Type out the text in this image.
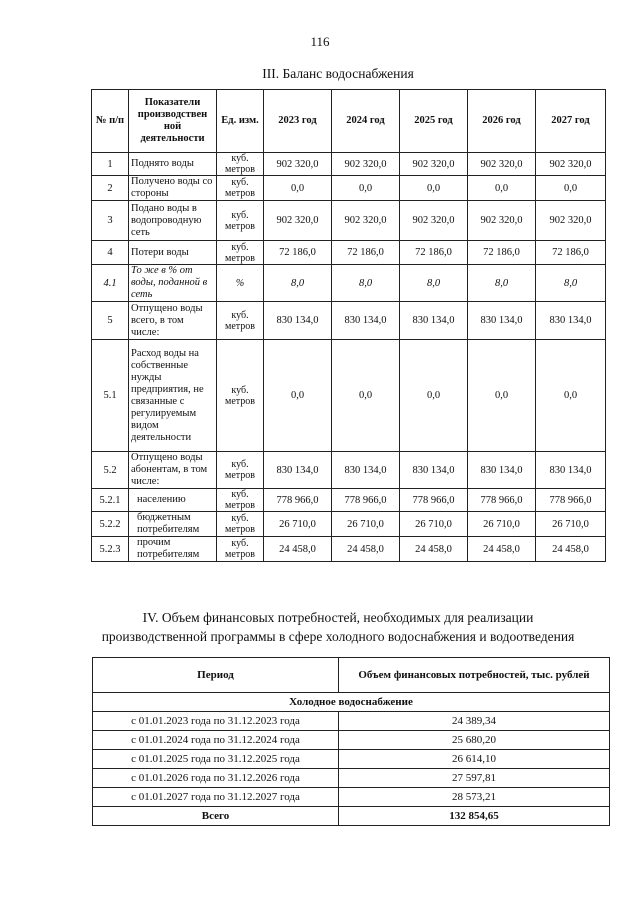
116
III. Баланс водоснабжения
№ п/п	Показатели производствен ной деятельности	Ед. изм.	2023 год	2024 год	2025 год	2026 год	2027 год
1	Поднято воды	куб. метров	902 320,0	902 320,0	902 320,0	902 320,0	902 320,0
2	Получено воды со стороны	куб. метров	0,0	0,0	0,0	0,0	0,0
3	Подано воды в водопроводную сеть	куб. метров	902 320,0	902 320,0	902 320,0	902 320,0	902 320,0
4	Потери воды	куб. метров	72 186,0	72 186,0	72 186,0	72 186,0	72 186,0
4.1	То же в % от воды, поданной в сеть	%	8,0	8,0	8,0	8,0	8,0
5	Отпущено воды всего, в том числе:	куб. метров	830 134,0	830 134,0	830 134,0	830 134,0	830 134,0
5.1	Расход воды на собственные нужды предприятия, не связанные с регулируемым видом деятельности	куб. метров	0,0	0,0	0,0	0,0	0,0
5.2	Отпущено воды абонентам, в том числе:	куб. метров	830 134,0	830 134,0	830 134,0	830 134,0	830 134,0
5.2.1	населению	куб. метров	778 966,0	778 966,0	778 966,0	778 966,0	778 966,0
5.2.2	бюджетным потребителям	куб. метров	26 710,0	26 710,0	26 710,0	26 710,0	26 710,0
5.2.3	прочим потребителям	куб. метров	24 458,0	24 458,0	24 458,0	24 458,0	24 458,0
IV. Объем финансовых потребностей, необходимых для реализации
производственной программы в сфере холодного водоснабжения и водоотведения
Период	Объем финансовых потребностей, тыс. рублей
Холодное водоснабжение	
с 01.01.2023 года по 31.12.2023 года	24 389,34
с 01.01.2024 года по 31.12.2024 года	25 680,20
с 01.01.2025 года по 31.12.2025 года	26 614,10
с 01.01.2026 года по 31.12.2026 года	27 597,81
с 01.01.2027 года по 31.12.2027 года	28 573,21
Всего	132 854,65
